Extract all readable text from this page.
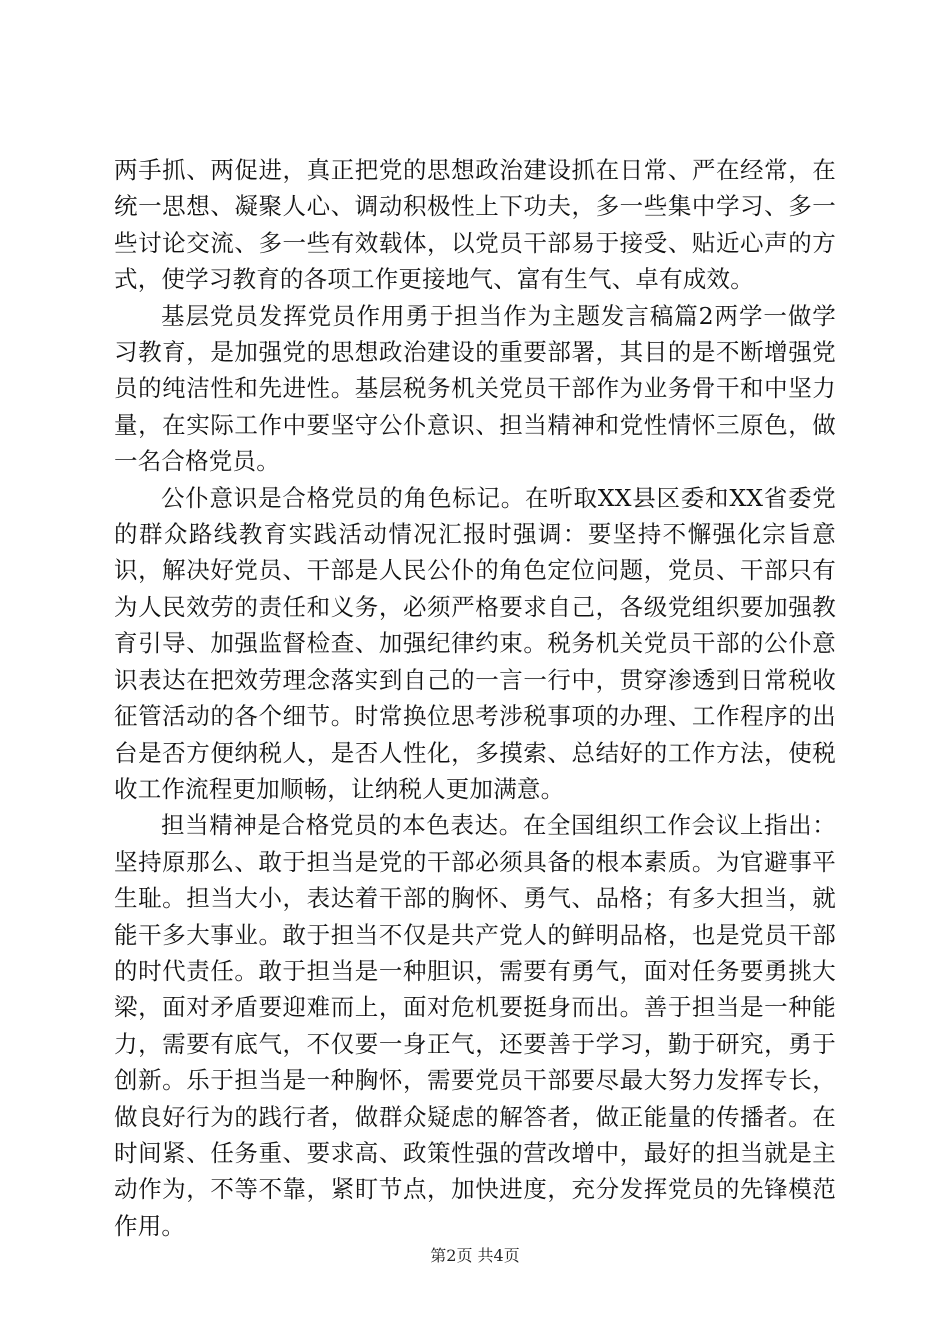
两手抓、两促进，真正把党的思想政治建设抓在日常、严在经常，在统一思想、凝聚人心、调动积极性上下功夫，多一些集中学习、多一些讨论交流、多一些有效载体，以党员干部易于接受、贴近心声的方式，使学习教育的各项工作更接地气、富有生气、卓有成效。

基层党员发挥党员作用勇于担当作为主题发言稿篇2两学一做学习教育，是加强党的思想政治建设的重要部署，其目的是不断增强党员的纯洁性和先进性。基层税务机关党员干部作为业务骨干和中坚力量，在实际工作中要坚守公仆意识、担当精神和党性情怀三原色，做一名合格党员。

公仆意识是合格党员的角色标记。在听取XX县区委和XX省委党的群众路线教育实践活动情况汇报时强调：要坚持不懈强化宗旨意识，解决好党员、干部是人民公仆的角色定位问题，党员、干部只有为人民效劳的责任和义务，必须严格要求自己，各级党组织要加强教育引导、加强监督检查、加强纪律约束。税务机关党员干部的公仆意识表达在把效劳理念落实到自己的一言一行中，贯穿渗透到日常税收征管活动的各个细节。时常换位思考涉税事项的办理、工作程序的出台是否方便纳税人，是否人性化，多摸索、总结好的工作方法，使税收工作流程更加顺畅，让纳税人更加满意。

担当精神是合格党员的本色表达。在全国组织工作会议上指出：坚持原那么、敢于担当是党的干部必须具备的根本素质。为官避事平生耻。担当大小，表达着干部的胸怀、勇气、品格；有多大担当，就能干多大事业。敢于担当不仅是共产党人的鲜明品格，也是党员干部的时代责任。敢于担当是一种胆识，需要有勇气，面对任务要勇挑大梁，面对矛盾要迎难而上，面对危机要挺身而出。善于担当是一种能力，需要有底气，不仅要一身正气，还要善于学习，勤于研究，勇于创新。乐于担当是一种胸怀，需要党员干部要尽最大努力发挥专长，做良好行为的践行者，做群众疑虑的解答者，做正能量的传播者。在时间紧、任务重、要求高、政策性强的营改增中，最好的担当就是主动作为，不等不靠，紧盯节点，加快进度，充分发挥党员的先锋模范作用。

第2页 共4页
